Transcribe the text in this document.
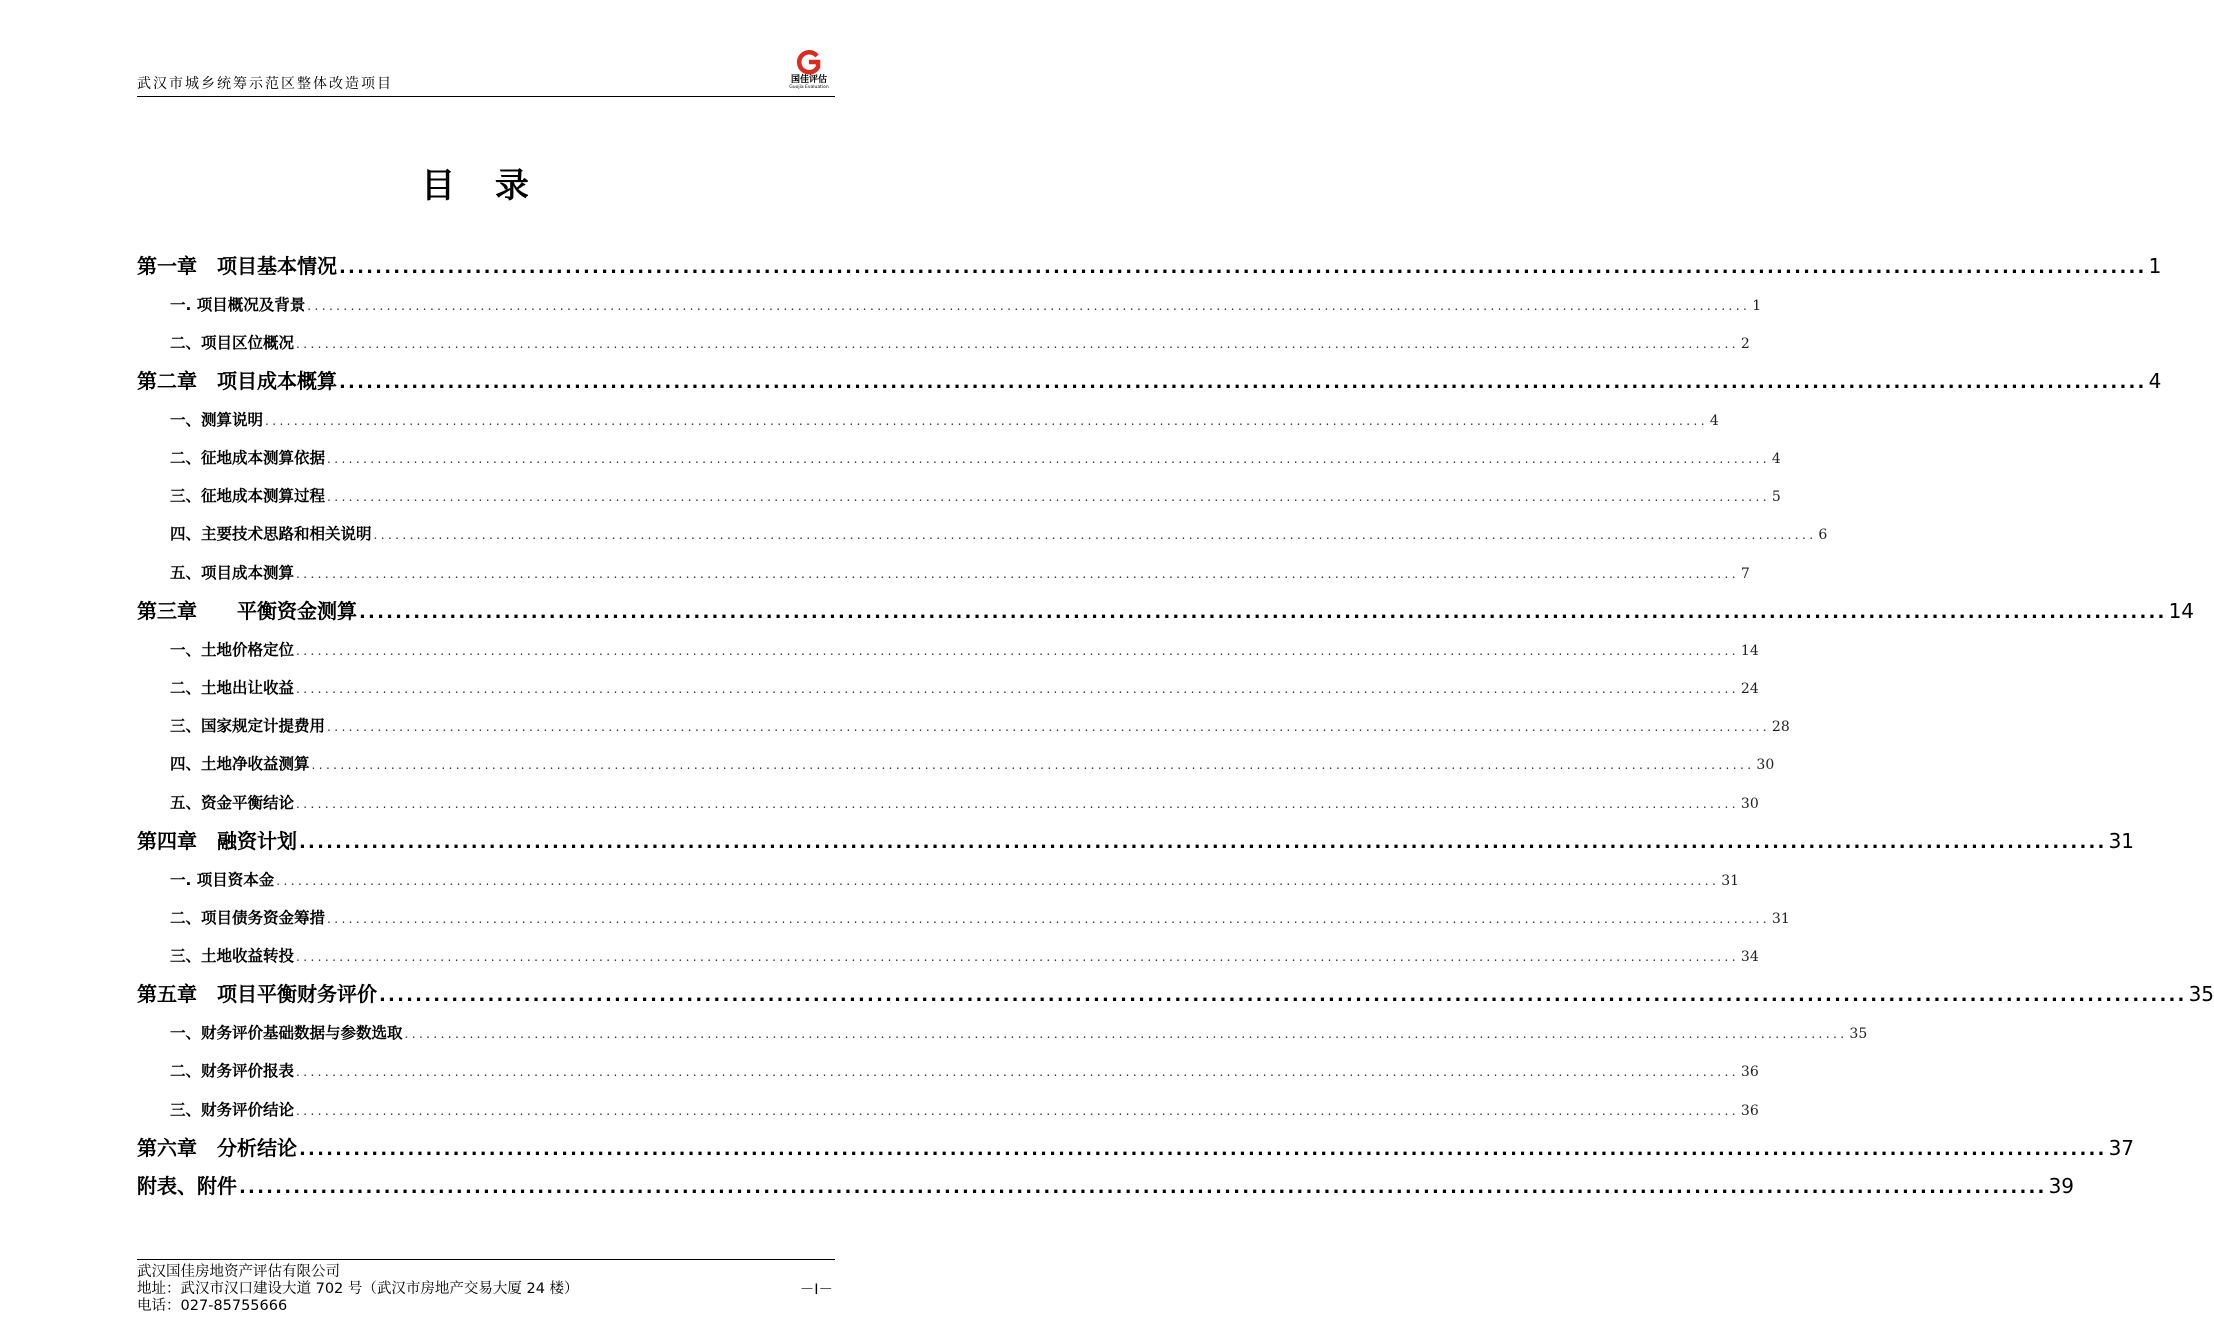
武汉市城乡统筹示范区整体改造项目	国佳评估
Guojia Evaluation
目 录
第一章　项目基本情况 ........................................................................................................................................................................................................ 1
一. 项目概况及背景 ........................................................................................................................................................................................................ 1
二、项目区位概况 ........................................................................................................................................................................................................ 2
第二章　项目成本概算 ........................................................................................................................................................................................................ 4
一、测算说明 ........................................................................................................................................................................................................ 4
二、征地成本测算依据 ........................................................................................................................................................................................................ 4
三、征地成本测算过程 ........................................................................................................................................................................................................ 5
四、主要技术思路和相关说明 ........................................................................................................................................................................................................ 6
五、项目成本测算 ........................................................................................................................................................................................................ 7
第三章　　平衡资金测算 ........................................................................................................................................................................................................ 14
一、土地价格定位 ........................................................................................................................................................................................................ 14
二、土地出让收益 ........................................................................................................................................................................................................ 24
三、国家规定计提费用 ........................................................................................................................................................................................................ 28
四、土地净收益测算 ........................................................................................................................................................................................................ 30
五、资金平衡结论 ........................................................................................................................................................................................................ 30
第四章　融资计划 ........................................................................................................................................................................................................ 31
一. 项目资本金 ........................................................................................................................................................................................................ 31
二、项目债务资金筹措 ........................................................................................................................................................................................................ 31
三、土地收益转投 ........................................................................................................................................................................................................ 34
第五章　项目平衡财务评价 ........................................................................................................................................................................................................ 35
一、财务评价基础数据与参数选取 ........................................................................................................................................................................................................ 35
二、财务评价报表 ........................................................................................................................................................................................................ 36
三、财务评价结论 ........................................................................................................................................................................................................ 36
第六章　分析结论 ........................................................................................................................................................................................................ 37
附表、附件 ........................................................................................................................................................................................................ 39
武汉国佳房地资产评估有限公司
地址：武汉市汉口建设大道 702 号（武汉市房地产交易大厦 24 楼）
电话：027-85755666
－I－
